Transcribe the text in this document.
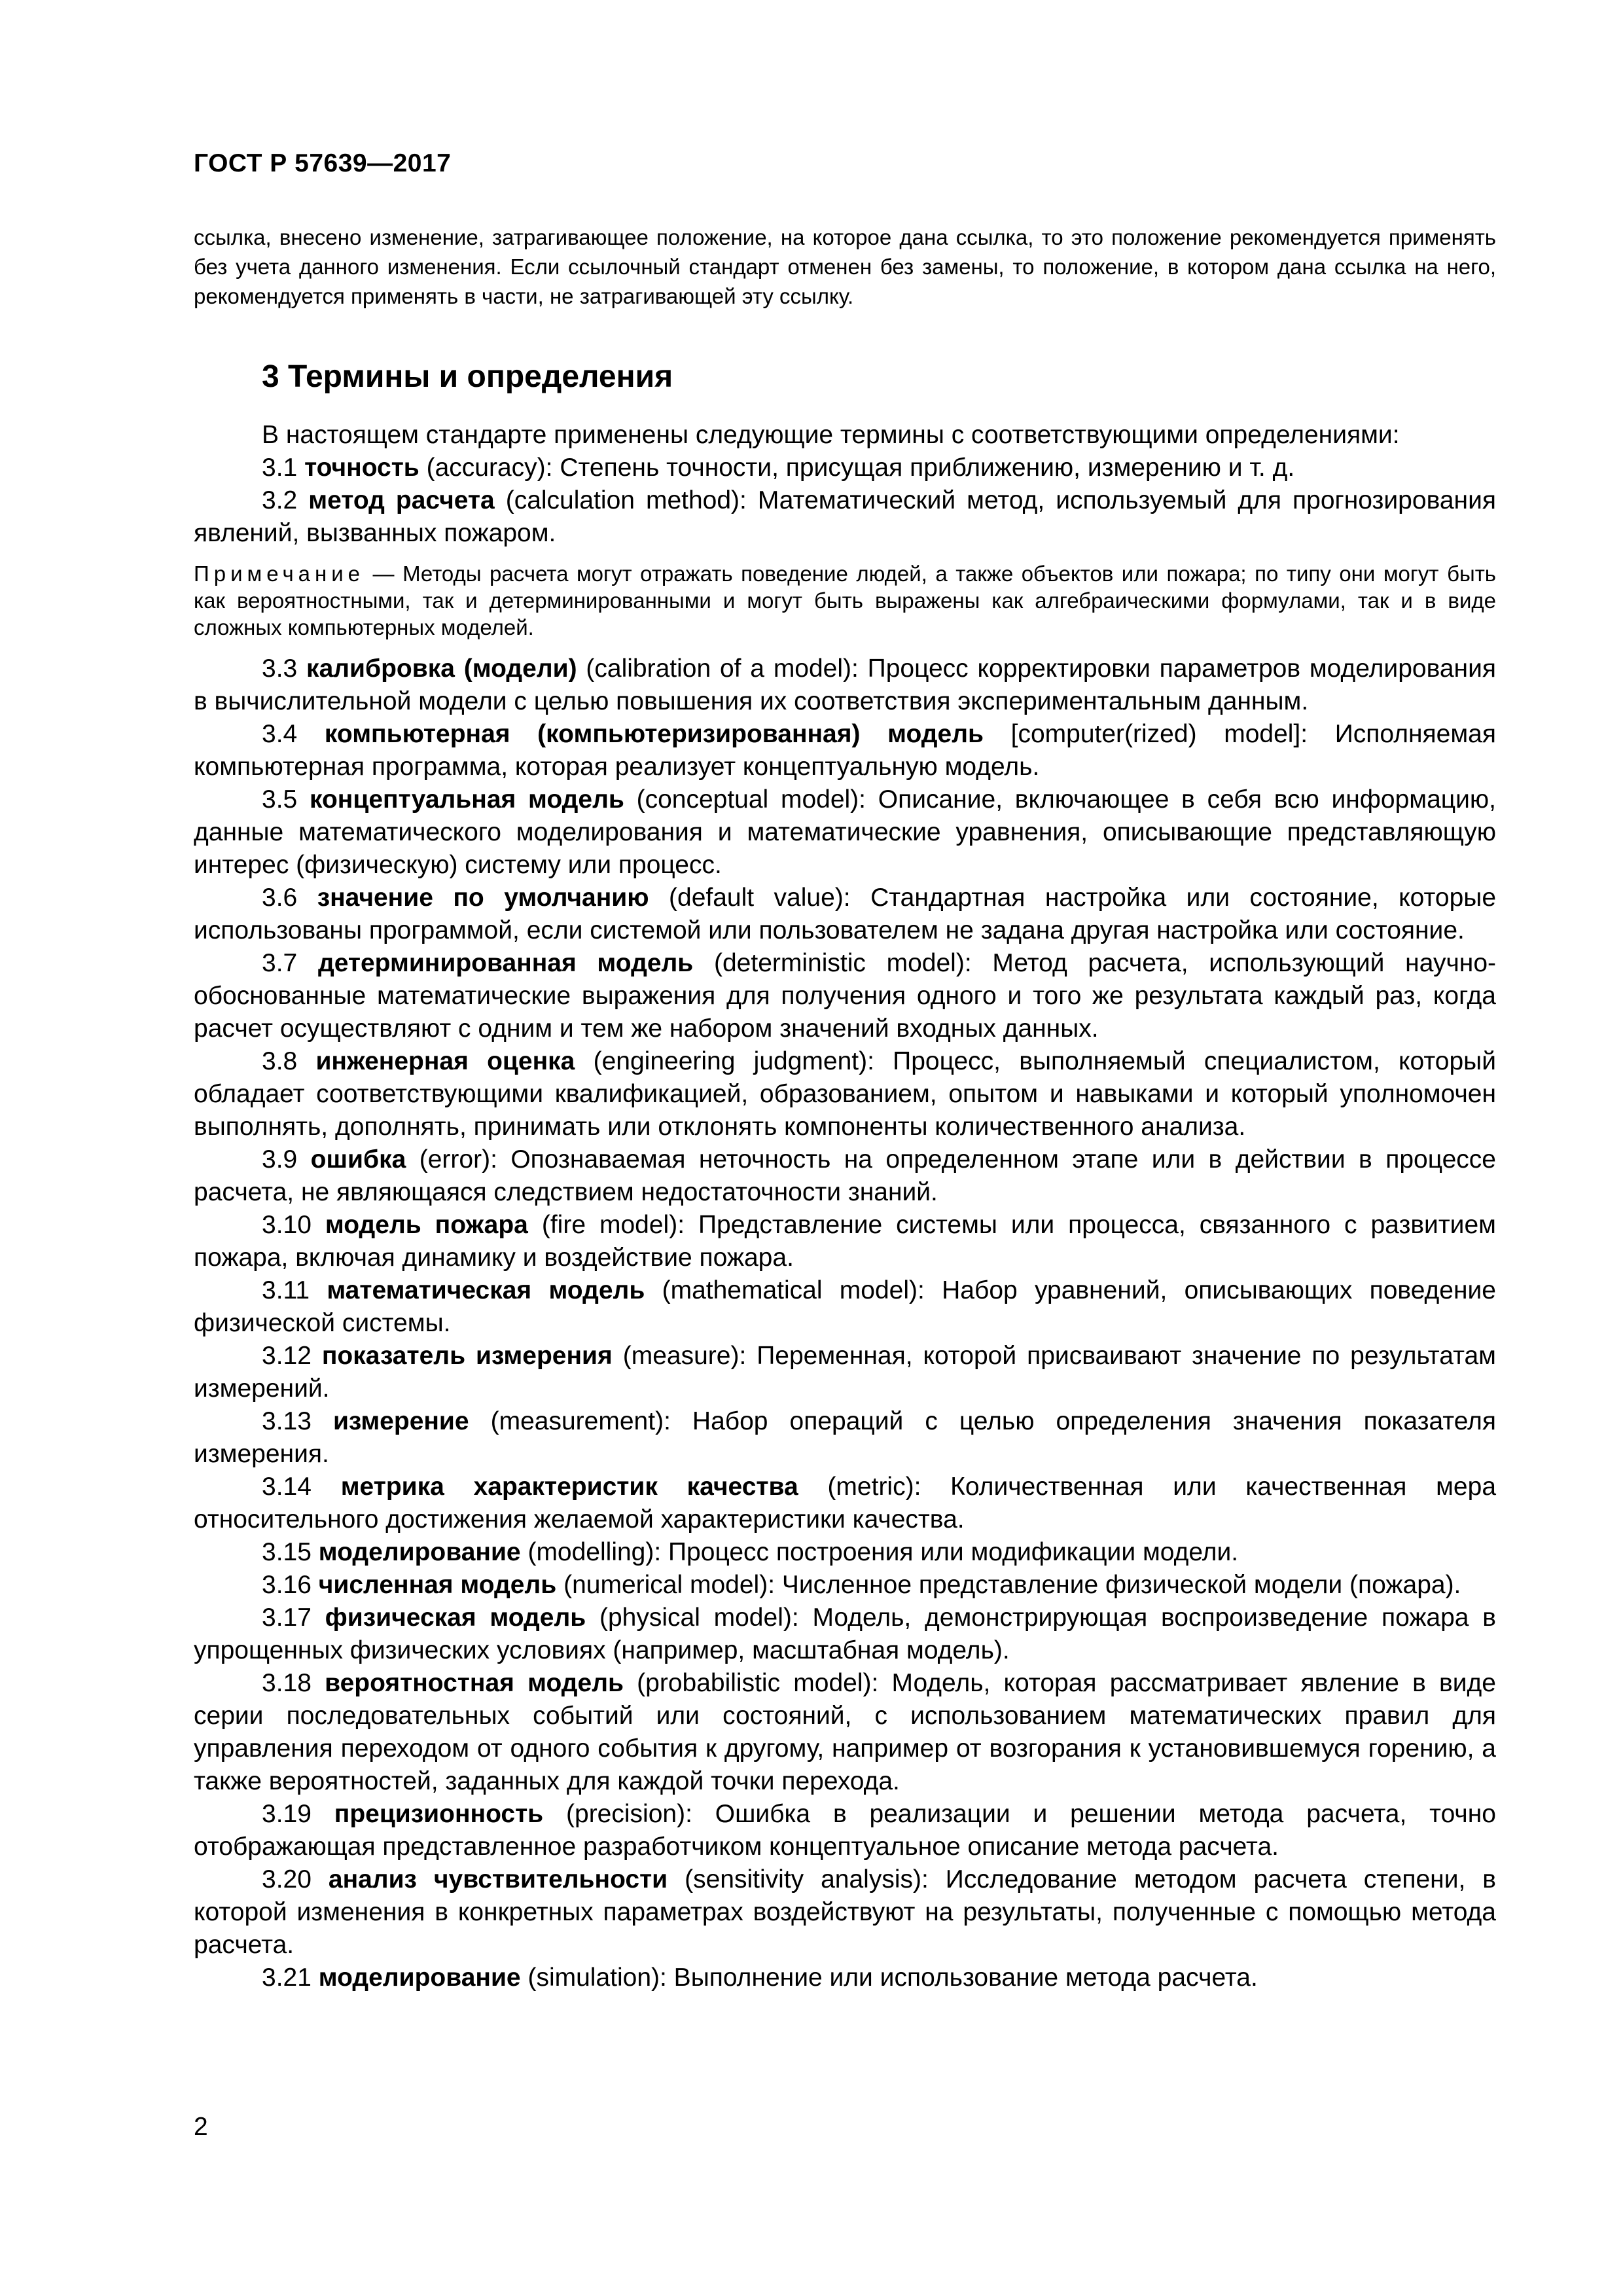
ГОСТ Р 57639—2017

ссылка, внесено изменение, затрагивающее положение, на которое дана ссылка, то это положение рекомендуется применять без учета данного изменения. Если ссылочный стандарт отменен без замены, то положение, в котором дана ссылка на него, рекомендуется применять в части, не затрагивающей эту ссылку.

3 Термины и определения

В настоящем стандарте применены следующие термины с соответствующими определениями:

3.1 точность (accuracy): Степень точности, присущая приближению, измерению и т. д.

3.2 метод расчета (calculation method): Математический метод, используемый для прогнозирования явлений, вызванных пожаром.

Примечание — Методы расчета могут отражать поведение людей, а также объектов или пожара; по типу они могут быть как вероятностными, так и детерминированными и могут быть выражены как алгебраическими формулами, так и в виде сложных компьютерных моделей.

3.3 калибровка (модели) (calibration of a model): Процесс корректировки параметров моделирования в вычислительной модели с целью повышения их соответствия экспериментальным данным.

3.4 компьютерная (компьютеризированная) модель [computer(rized) model]: Исполняемая компьютерная программа, которая реализует концептуальную модель.

3.5 концептуальная модель (conceptual model): Описание, включающее в себя всю информацию, данные математического моделирования и математические уравнения, описывающие представляющую интерес (физическую) систему или процесс.

3.6 значение по умолчанию (default value): Стандартная настройка или состояние, которые использованы программой, если системой или пользователем не задана другая настройка или состояние.

3.7 детерминированная модель (deterministic model): Метод расчета, использующий научно-обоснованные математические выражения для получения одного и того же результата каждый раз, когда расчет осуществляют с одним и тем же набором значений входных данных.

3.8 инженерная оценка (engineering judgment): Процесс, выполняемый специалистом, который обладает соответствующими квалификацией, образованием, опытом и навыками и который уполномочен выполнять, дополнять, принимать или отклонять компоненты количественного анализа.

3.9 ошибка (error): Опознаваемая неточность на определенном этапе или в действии в процессе расчета, не являющаяся следствием недостаточности знаний.

3.10 модель пожара (fire model): Представление системы или процесса, связанного с развитием пожара, включая динамику и воздействие пожара.

3.11 математическая модель (mathematical model): Набор уравнений, описывающих поведение физической системы.

3.12 показатель измерения (measure): Переменная, которой присваивают значение по результатам измерений.

3.13 измерение (measurement): Набор операций с целью определения значения показателя измерения.

3.14 метрика характеристик качества (metric): Количественная или качественная мера относительного достижения желаемой характеристики качества.

3.15 моделирование (modelling): Процесс построения или модификации модели.

3.16 численная модель (numerical model): Численное представление физической модели (пожара).

3.17 физическая модель (physical model): Модель, демонстрирующая воспроизведение пожара в упрощенных физических условиях (например, масштабная модель).

3.18 вероятностная модель (probabilistic model): Модель, которая рассматривает явление в виде серии последовательных событий или состояний, с использованием математических правил для управления переходом от одного события к другому, например от возгорания к установившемуся горению, а также вероятностей, заданных для каждой точки перехода.

3.19 прецизионность (precision): Ошибка в реализации и решении метода расчета, точно отображающая представленное разработчиком концептуальное описание метода расчета.

3.20 анализ чувствительности (sensitivity analysis): Исследование методом расчета степени, в которой изменения в конкретных параметрах воздействуют на результаты, полученные с помощью метода расчета.

3.21 моделирование (simulation): Выполнение или использование метода расчета.

2
